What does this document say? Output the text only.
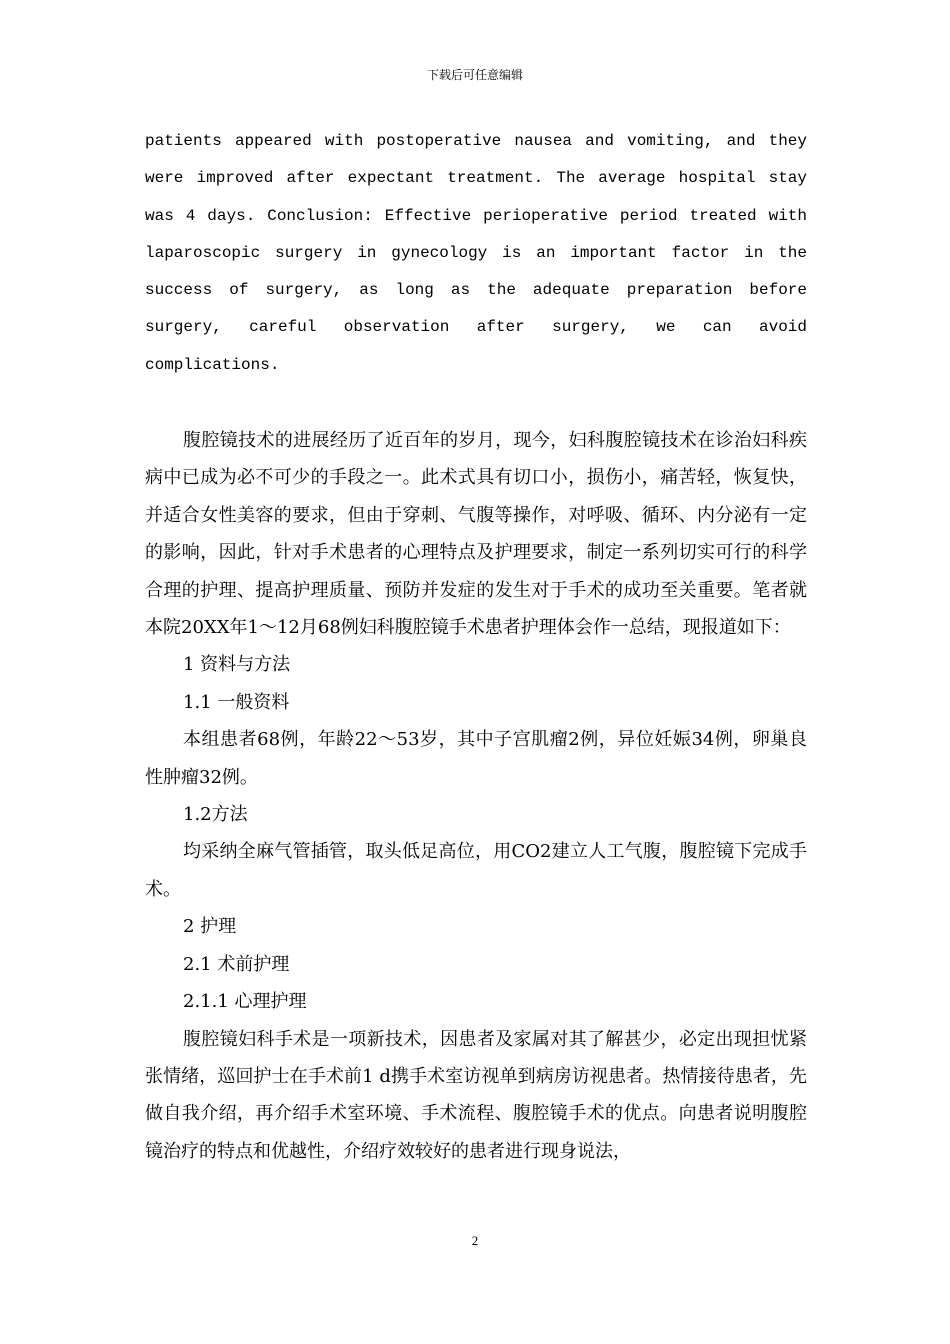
下载后可任意编辑

patients appeared with postoperative nausea and vomiting, and they were improved after expectant treatment. The average hospital stay was 4 days. Conclusion: Effective perioperative period treated with laparoscopic surgery in gynecology is an important factor in the success of surgery, as long as the adequate preparation before surgery, careful observation after surgery, we can avoid complications.

腹腔镜技术的进展经历了近百年的岁月，现今，妇科腹腔镜技术在诊治妇科疾病中已成为必不可少的手段之一。此术式具有切口小，损伤小，痛苦轻，恢复快，并适合女性美容的要求，但由于穿刺、气腹等操作，对呼吸、循环、内分泌有一定的影响，因此，针对手术患者的心理特点及护理要求，制定一系列切实可行的科学合理的护理、提高护理质量、预防并发症的发生对于手术的成功至关重要。笔者就本院20XX年1～12月68例妇科腹腔镜手术患者护理体会作一总结，现报道如下：

1 资料与方法

1.1 一般资料

本组患者68例，年龄22～53岁，其中子宫肌瘤2例，异位妊娠34例，卵巢良性肿瘤32例。

1.2方法

均采纳全麻气管插管，取头低足高位，用CO2建立人工气腹，腹腔镜下完成手术。

2 护理

2.1 术前护理

2.1.1 心理护理

腹腔镜妇科手术是一项新技术，因患者及家属对其了解甚少，必定出现担忧紧张情绪，巡回护士在手术前1 d携手术室访视单到病房访视患者。热情接待患者，先做自我介绍，再介绍手术室环境、手术流程、腹腔镜手术的优点。向患者说明腹腔镜治疗的特点和优越性，介绍疗效较好的患者进行现身说法，

2
